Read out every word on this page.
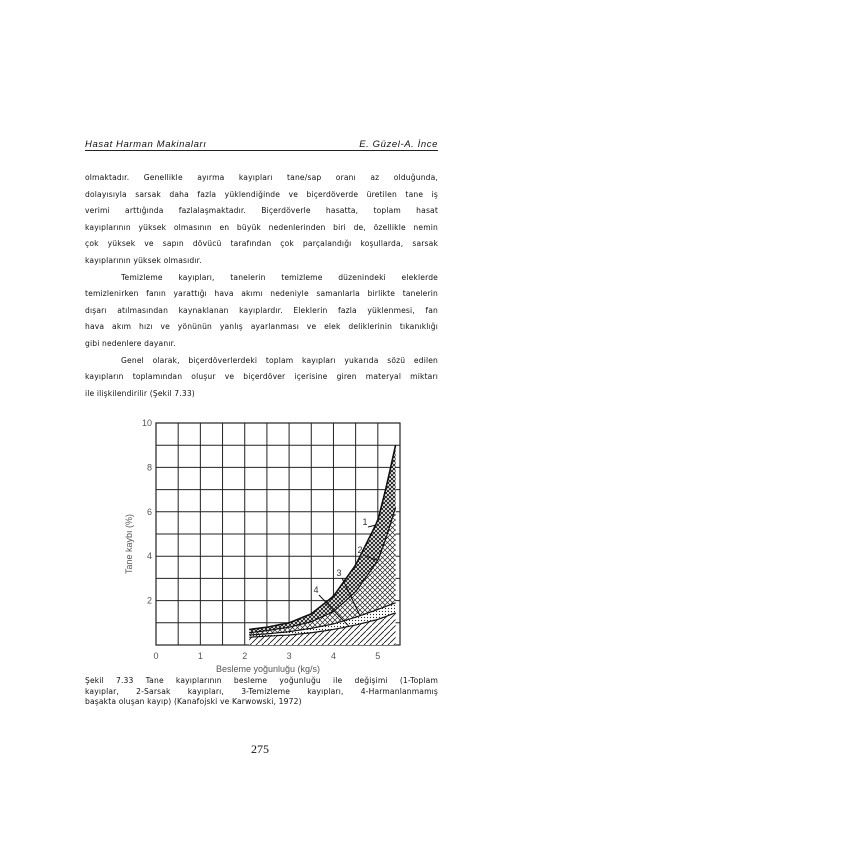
Hasat Harman Makinaları	E. Güzel-A. İnce

olmaktadır. Genellikle ayırma kayıpları tane/sap oranı az olduğunda,

dolayısıyla sarsak daha fazla yüklendiğinde ve biçerdöverde üretilen tane iş

verimi arttığında fazlalaşmaktadır. Biçerdöverle hasatta, toplam hasat

kayıplarının yüksek olmasının en büyük nedenlerinden biri de, özellikle nemin

çok yüksek ve sapın dövücü tarafından çok parçalandığı koşullarda, sarsak

kayıplarının yüksek olmasıdır.

Temizleme kayıpları, tanelerin temizleme düzenindeki eleklerde

temizlenirken fanın yarattığı hava akımı nedeniyle samanlarla birlikte tanelerin

dışarı atılmasından kaynaklanan kayıplardır. Eleklerin fazla yüklenmesi, fan

hava akım hızı ve yönünün yanlış ayarlanması ve elek deliklerinin tıkanıklığı

gibi nedenlere dayanır.

Genel olarak, biçerdöverlerdeki toplam kayıpları yukarıda sözü edilen

kayıpların toplamından oluşur ve biçerdöver içerisine giren materyal miktarı

ile ilişkilendirilir (Şekil 7.33)

0	1	2	3	4	5
2
4
6
8
10
Besleme yoğunluğu (kg/s)
Tane kaybı (%)	1
2
3
4

Şekil 7.33 Tane kayıplarının besleme yoğunluğu ile değişimi (1-Toplam

kayıplar, 2-Sarsak kayıpları, 3-Temizleme kayıpları, 4-Harmanlanmamış

başakta oluşan kayıp) (Kanafojski ve Karwowski, 1972)

275
